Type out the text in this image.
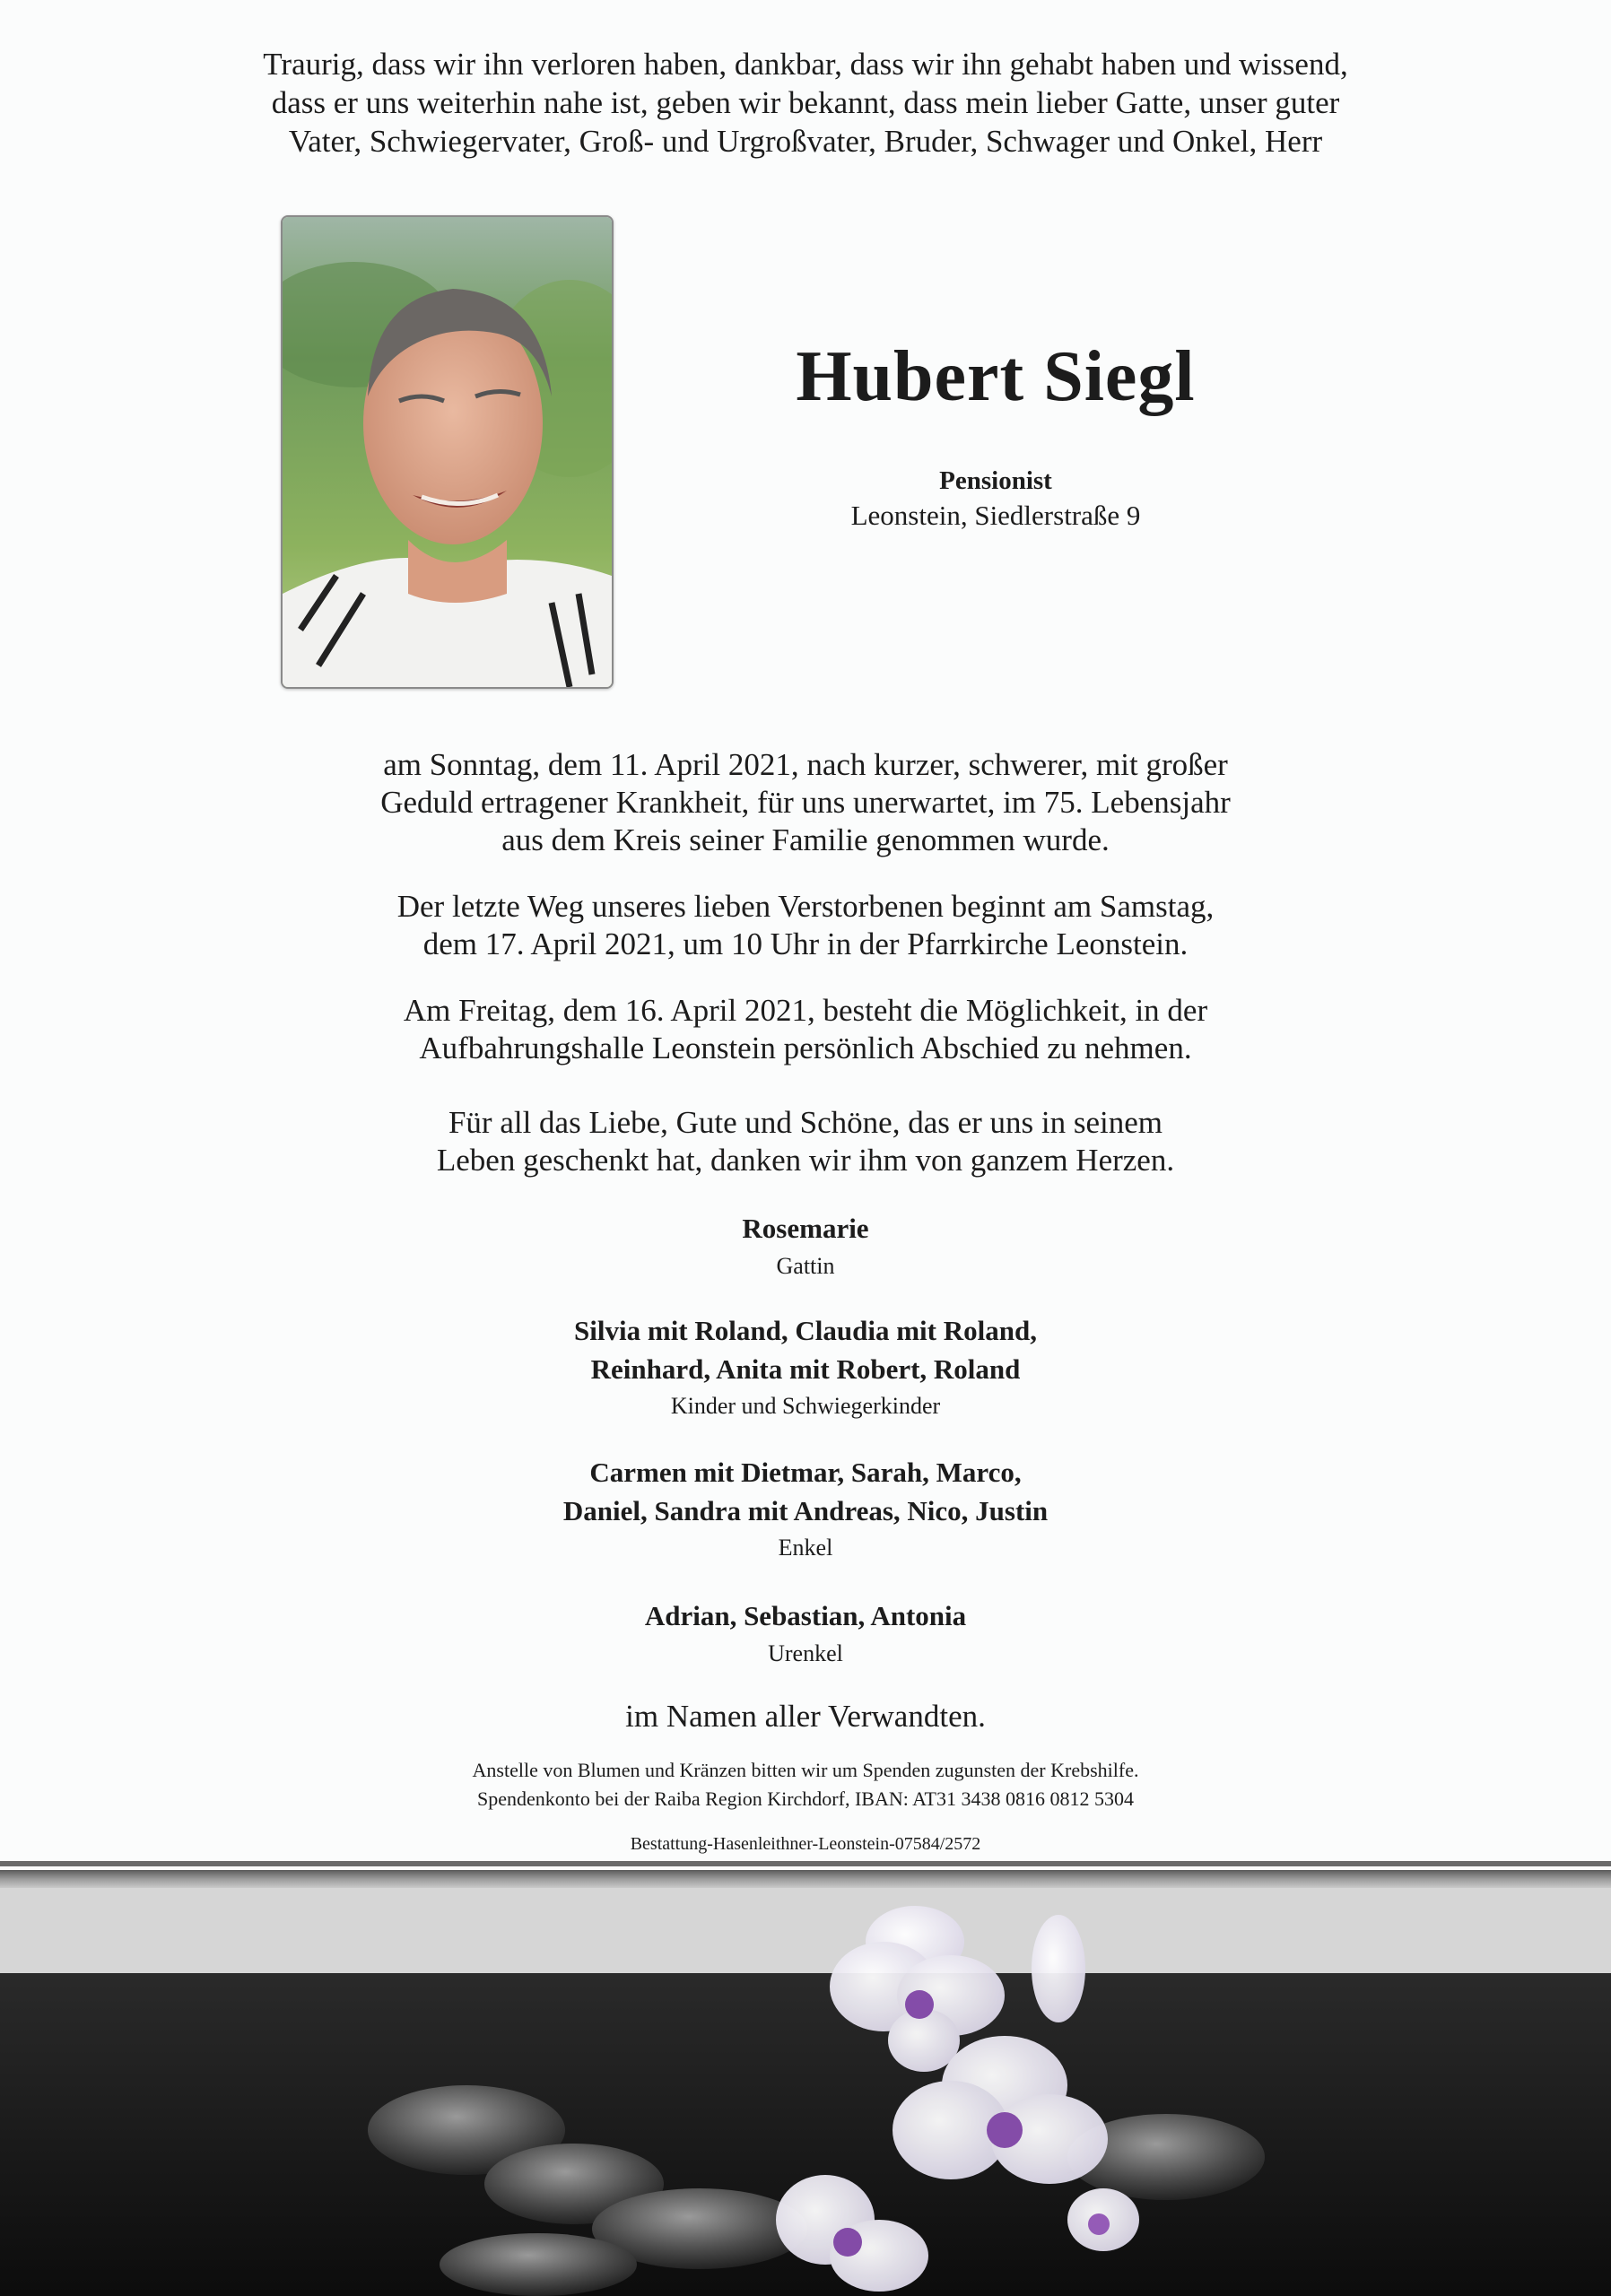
Traurig, dass wir ihn verloren haben, dankbar, dass wir ihn gehabt haben und wissend,
dass er uns weiterhin nahe ist, geben wir bekannt, dass mein lieber Gatte, unser guter
Vater, Schwiegervater, Groß- und Urgroßvater, Bruder, Schwager und Onkel, Herr
Hubert Siegl
Pensionist
Leonstein, Siedlerstraße 9
am Sonntag, dem 11. April 2021, nach kurzer, schwerer, mit großer
Geduld ertragener Krankheit, für uns unerwartet, im 75. Lebensjahr
aus dem Kreis seiner Familie genommen wurde.
Der letzte Weg unseres lieben Verstorbenen beginnt am Samstag,
dem 17. April 2021, um 10 Uhr in der Pfarrkirche Leonstein.
Am Freitag, dem 16. April 2021, besteht die Möglichkeit, in der
Aufbahrungshalle Leonstein persönlich Abschied zu nehmen.
Für all das Liebe, Gute und Schöne, das er uns in seinem
Leben geschenkt hat, danken wir ihm von ganzem Herzen.
Rosemarie
Gattin
Silvia mit Roland, Claudia mit Roland,
Reinhard, Anita mit Robert, Roland
Kinder und Schwiegerkinder
Carmen mit Dietmar, Sarah, Marco,
Daniel, Sandra mit Andreas, Nico, Justin
Enkel
Adrian, Sebastian, Antonia
Urenkel
im Namen aller Verwandten.
Anstelle von Blumen und Kränzen bitten wir um Spenden zugunsten der Krebshilfe.
Spendenkonto bei der Raiba Region Kirchdorf, IBAN: AT31 3438 0816 0812 5304
Bestattung-Hasenleithner-Leonstein-07584/2572
